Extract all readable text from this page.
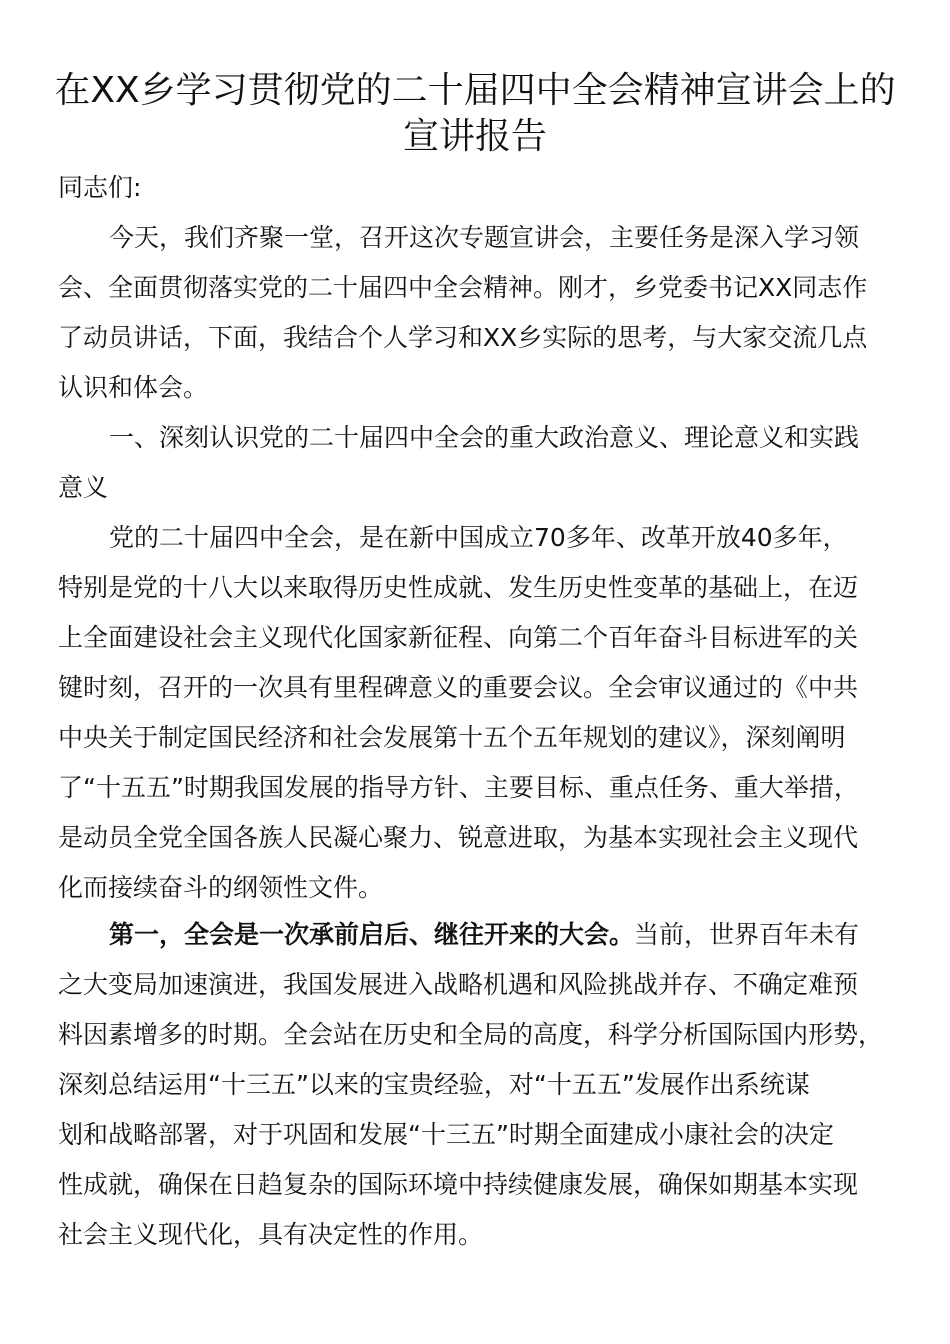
在XX乡学习贯彻党的二十届四中全会精神宣讲会上的
宣讲报告
同志们:
今天，我们齐聚一堂，召开这次专题宣讲会，主要任务是深入学习领
会、全面贯彻落实党的二十届四中全会精神。刚才，乡党委书记XX同志作
了动员讲话，下面，我结合个人学习和XX乡实际的思考，与大家交流几点
认识和体会。
一、深刻认识党的二十届四中全会的重大政治意义、理论意义和实践
意义
党的二十届四中全会，是在新中国成立70多年、改革开放40多年，
特别是党的十八大以来取得历史性成就、发生历史性变革的基础上，在迈
上全面建设社会主义现代化国家新征程、向第二个百年奋斗目标进军的关
键时刻，召开的一次具有里程碑意义的重要会议。全会审议通过的《中共
中央关于制定国民经济和社会发展第十五个五年规划的建议》，深刻阐明
了“十五五”时期我国发展的指导方针、主要目标、重点任务、重大举措，
是动员全党全国各族人民凝心聚力、锐意进取，为基本实现社会主义现代
化而接续奋斗的纲领性文件。
第一，全会是一次承前启后、继往开来的大会。当前，世界百年未有
之大变局加速演进，我国发展进入战略机遇和风险挑战并存、不确定难预
料因素增多的时期。全会站在历史和全局的高度，科学分析国际国内形势，
深刻总结运用“十三五”以来的宝贵经验，对“十五五”发展作出系统谋
划和战略部署，对于巩固和发展“十三五”时期全面建成小康社会的决定
性成就，确保在日趋复杂的国际环境中持续健康发展，确保如期基本实现
社会主义现代化，具有决定性的作用。
